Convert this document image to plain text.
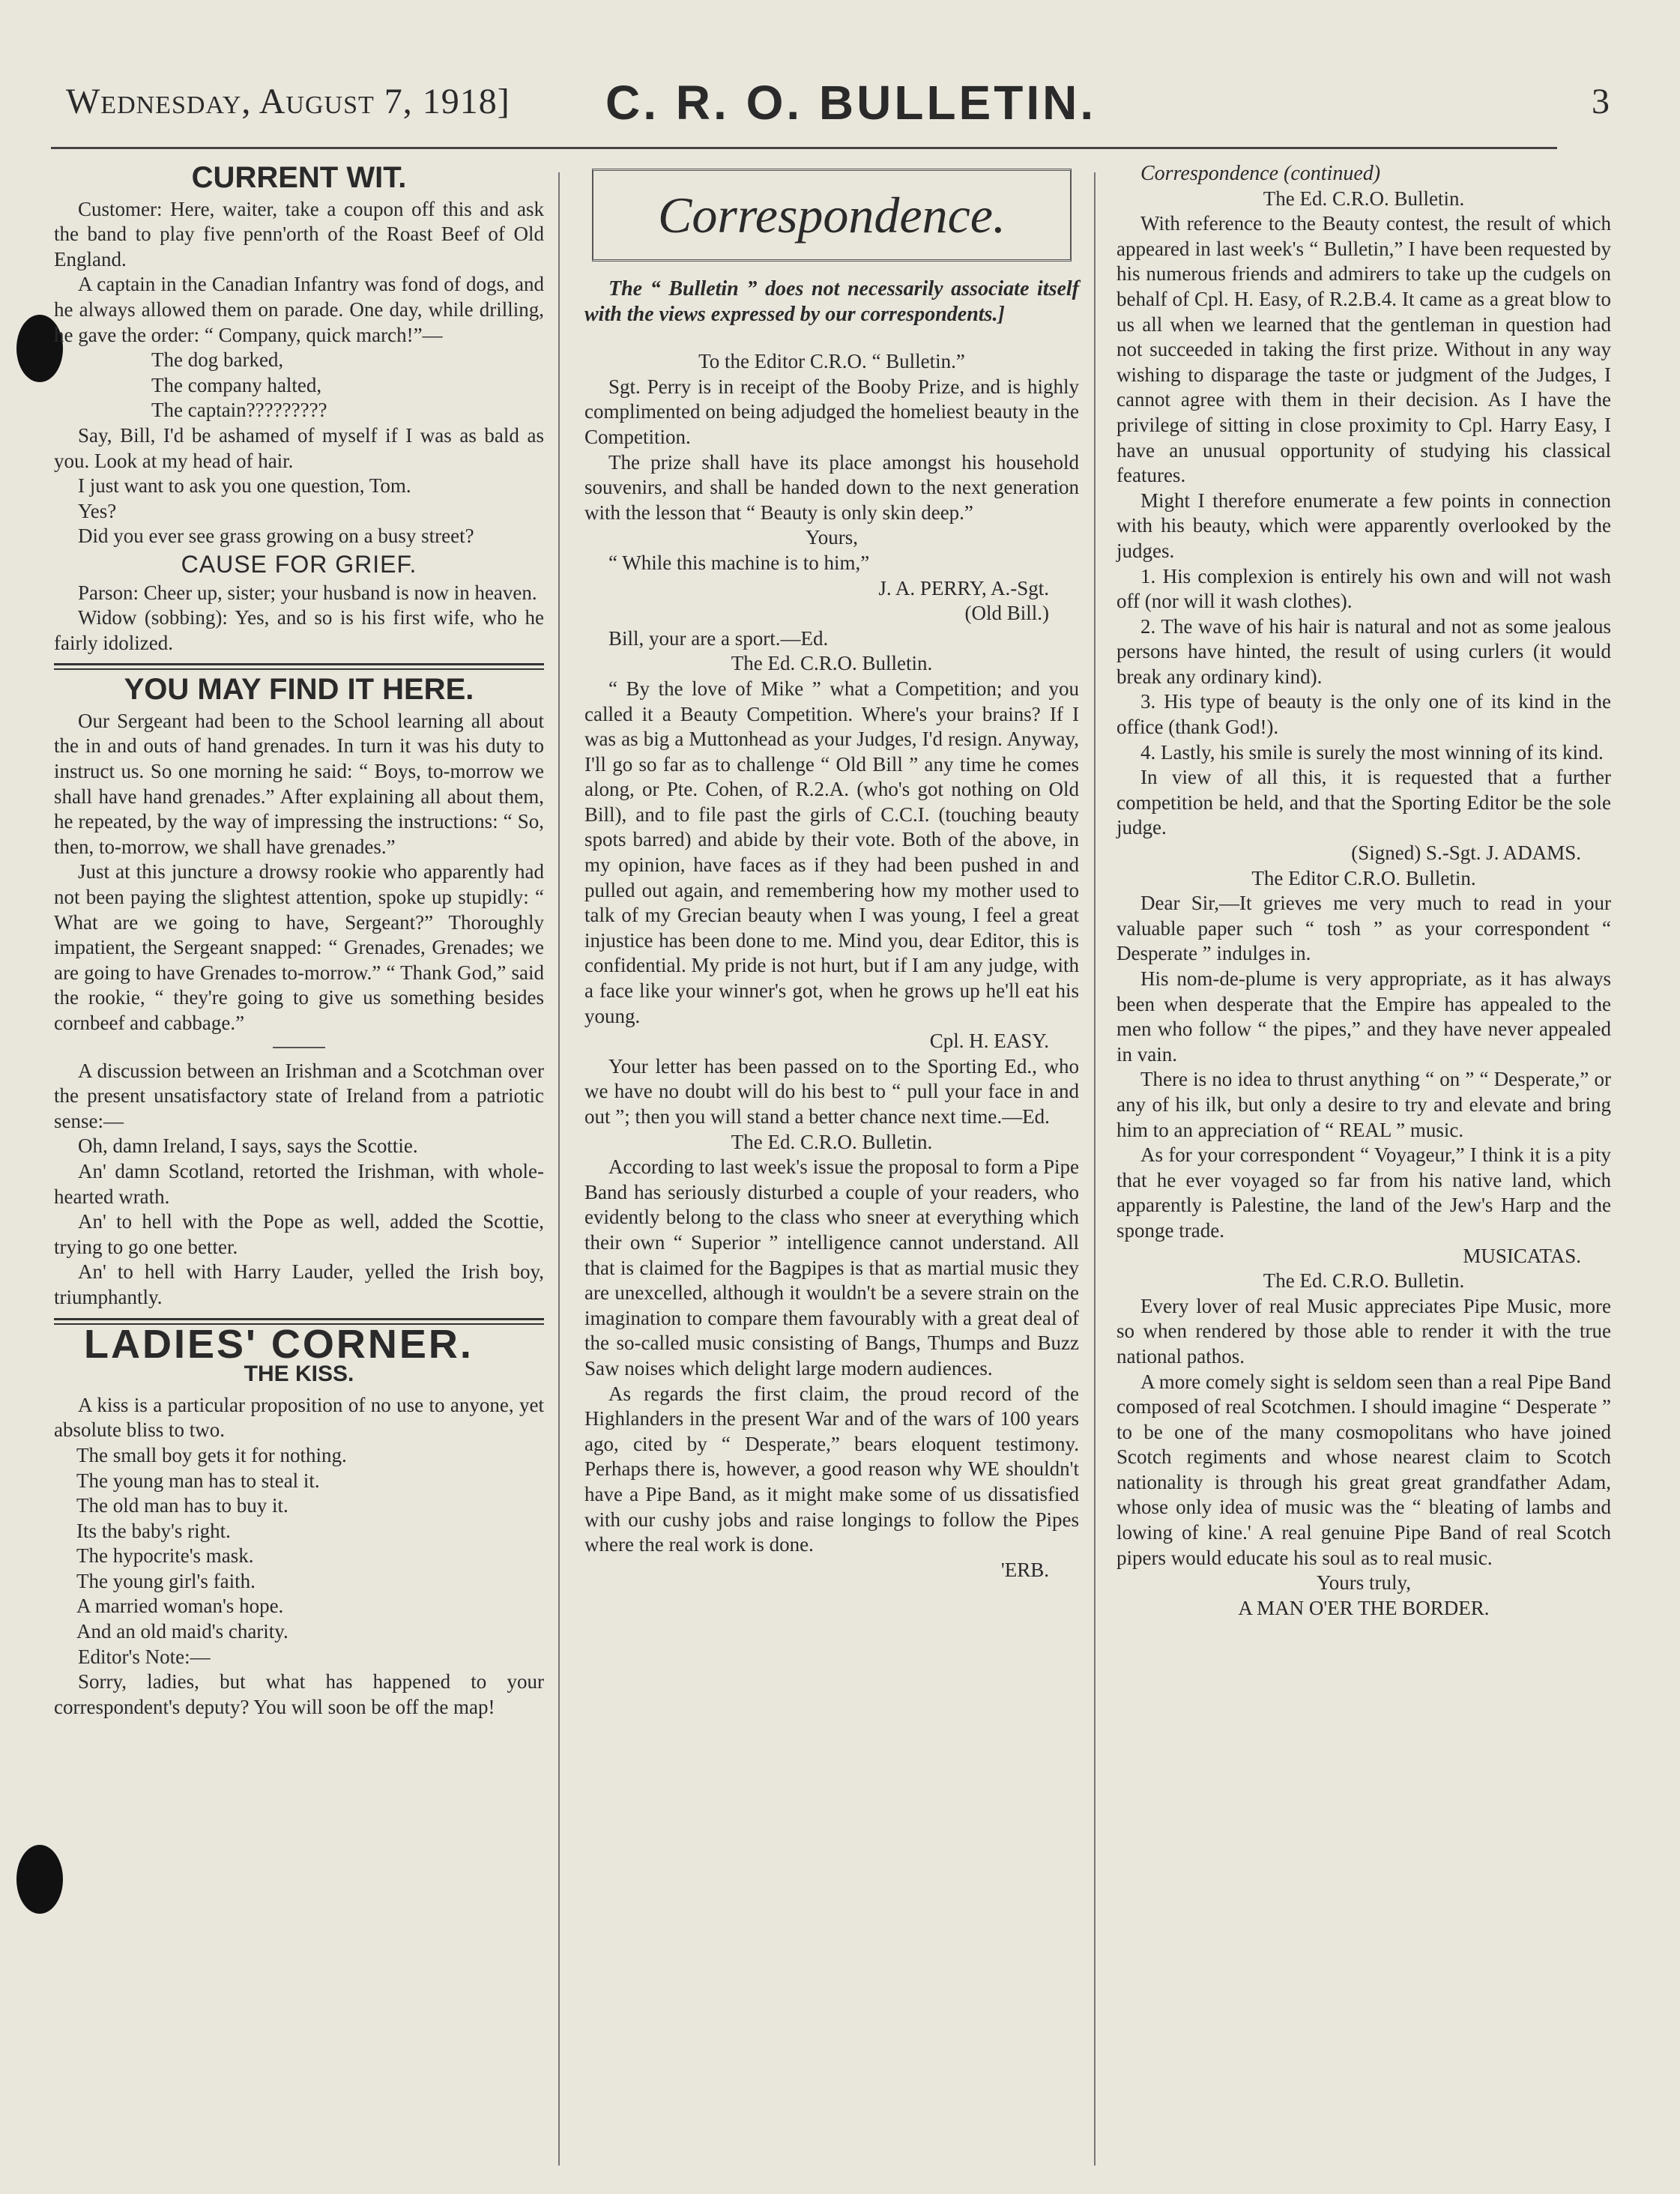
Wednesday, August 7, 1918] C. R. O. BULLETIN.	3
CURRENT WIT.

Customer: Here, waiter, take a coupon off this and ask the band to play five penn'orth of the Roast Beef of Old England.

A captain in the Canadian Infantry was fond of dogs, and he always allowed them on parade. One day, while drilling, he gave the order: “ Company, quick march!”—

The dog barked,

The company halted,

The captain?????????

Say, Bill, I'd be ashamed of myself if I was as bald as you. Look at my head of hair.

I just want to ask you one question, Tom.

Yes?

Did you ever see grass growing on a busy street?

CAUSE FOR GRIEF.

Parson: Cheer up, sister; your husband is now in heaven.

Widow (sobbing): Yes, and so is his first wife, who he fairly idolized.

YOU MAY FIND IT HERE.

Our Sergeant had been to the School learning all about the in and outs of hand grenades. In turn it was his duty to instruct us. So one morning he said: “ Boys, to-morrow we shall have hand grenades.” After explaining all about them, he repeated, by the way of impressing the instructions: “ So, then, to-morrow, we shall have grenades.”

Just at this juncture a drowsy rookie who apparently had not been paying the slightest attention, spoke up stupidly: “ What are we going to have, Sergeant?” Thoroughly impatient, the Sergeant snapped: “ Grenades, Grenades; we are going to have Grenades to-morrow.” “ Thank God,” said the rookie, “ they're going to give us something besides cornbeef and cabbage.”

A discussion between an Irishman and a Scotchman over the present unsatisfactory state of Ireland from a patriotic sense:—

Oh, damn Ireland, I says, says the Scottie.

An' damn Scotland, retorted the Irishman, with whole-hearted wrath.

An' to hell with the Pope as well, added the Scottie, trying to go one better.

An' to hell with Harry Lauder, yelled the Irish boy, triumphantly.

LADIES' CORNER.
THE KISS.

A kiss is a particular proposition of no use to anyone, yet absolute bliss to two.

The small boy gets it for nothing.

The young man has to steal it.

The old man has to buy it.

Its the baby's right.

The hypocrite's mask.

The young girl's faith.

A married woman's hope.

And an old maid's charity.

Editor's Note:—

Sorry, ladies, but what has happened to your correspondent's deputy? You will soon be off the map!

Correspondence.

The “ Bulletin ” does not necessarily associate itself with the views expressed by our correspondents.]

To the Editor C.R.O. “ Bulletin.”

Sgt. Perry is in receipt of the Booby Prize, and is highly complimented on being adjudged the homeliest beauty in the Competition.

The prize shall have its place amongst his household souvenirs, and shall be handed down to the next generation with the lesson that “ Beauty is only skin deep.”

Yours,

“ While this machine is to him,”

J. A. PERRY, A.-Sgt.

(Old Bill.)

Bill, your are a sport.—Ed.

The Ed. C.R.O. Bulletin.

“ By the love of Mike ” what a Competition; and you called it a Beauty Competition. Where's your brains? If I was as big a Muttonhead as your Judges, I'd resign. Anyway, I'll go so far as to challenge “ Old Bill ” any time he comes along, or Pte. Cohen, of R.2.A. (who's got nothing on Old Bill), and to file past the girls of C.C.I. (touching beauty spots barred) and abide by their vote. Both of the above, in my opinion, have faces as if they had been pushed in and pulled out again, and remembering how my mother used to talk of my Grecian beauty when I was young, I feel a great injustice has been done to me. Mind you, dear Editor, this is confidential. My pride is not hurt, but if I am any judge, with a face like your winner's got, when he grows up he'll eat his young.

Cpl. H. EASY.

Your letter has been passed on to the Sporting Ed., who we have no doubt will do his best to “ pull your face in and out ”; then you will stand a better chance next time.—Ed.

The Ed. C.R.O. Bulletin.

According to last week's issue the proposal to form a Pipe Band has seriously disturbed a couple of your readers, who evidently belong to the class who sneer at everything which their own “ Superior ” intelligence cannot understand. All that is claimed for the Bagpipes is that as martial music they are unexcelled, although it wouldn't be a severe strain on the imagination to compare them favourably with a great deal of the so-called music consisting of Bangs, Thumps and Buzz Saw noises which delight large modern audiences.

As regards the first claim, the proud record of the Highlanders in the present War and of the wars of 100 years ago, cited by “ Desperate,” bears eloquent testimony. Perhaps there is, however, a good reason why WE shouldn't have a Pipe Band, as it might make some of us dissatisfied with our cushy jobs and raise longings to follow the Pipes where the real work is done.

'ERB.

Correspondence (continued)

The Ed. C.R.O. Bulletin.

With reference to the Beauty contest, the result of which appeared in last week's “ Bulletin,” I have been requested by his numerous friends and admirers to take up the cudgels on behalf of Cpl. H. Easy, of R.2.B.4. It came as a great blow to us all when we learned that the gentleman in question had not succeeded in taking the first prize. Without in any way wishing to disparage the taste or judgment of the Judges, I cannot agree with them in their decision. As I have the privilege of sitting in close proximity to Cpl. Harry Easy, I have an unusual opportunity of studying his classical features.

Might I therefore enumerate a few points in connection with his beauty, which were apparently overlooked by the judges.

1. His complexion is entirely his own and will not wash off (nor will it wash clothes).

2. The wave of his hair is natural and not as some jealous persons have hinted, the result of using curlers (it would break any ordinary kind).

3. His type of beauty is the only one of its kind in the office (thank God!).

4. Lastly, his smile is surely the most winning of its kind.

In view of all this, it is requested that a further competition be held, and that the Sporting Editor be the sole judge.

(Signed) S.-Sgt. J. ADAMS.

The Editor C.R.O. Bulletin.

Dear Sir,—It grieves me very much to read in your valuable paper such “ tosh ” as your correspondent “ Desperate ” indulges in.

His nom-de-plume is very appropriate, as it has always been when desperate that the Empire has appealed to the men who follow “ the pipes,” and they have never appealed in vain.

There is no idea to thrust anything “ on ” “ Desperate,” or any of his ilk, but only a desire to try and elevate and bring him to an appreciation of “ REAL ” music.

As for your correspondent “ Voyageur,” I think it is a pity that he ever voyaged so far from his native land, which apparently is Palestine, the land of the Jew's Harp and the sponge trade.

MUSICATAS.

The Ed. C.R.O. Bulletin.

Every lover of real Music appreciates Pipe Music, more so when rendered by those able to render it with the true national pathos.

A more comely sight is seldom seen than a real Pipe Band composed of real Scotchmen. I should imagine “ Desperate ” to be one of the many cosmopolitans who have joined Scotch regiments and whose nearest claim to Scotch nationality is through his great great grandfather Adam, whose only idea of music was the “ bleating of lambs and lowing of kine.' A real genuine Pipe Band of real Scotch pipers would educate his soul as to real music.

Yours truly,

A MAN O'ER THE BORDER.
